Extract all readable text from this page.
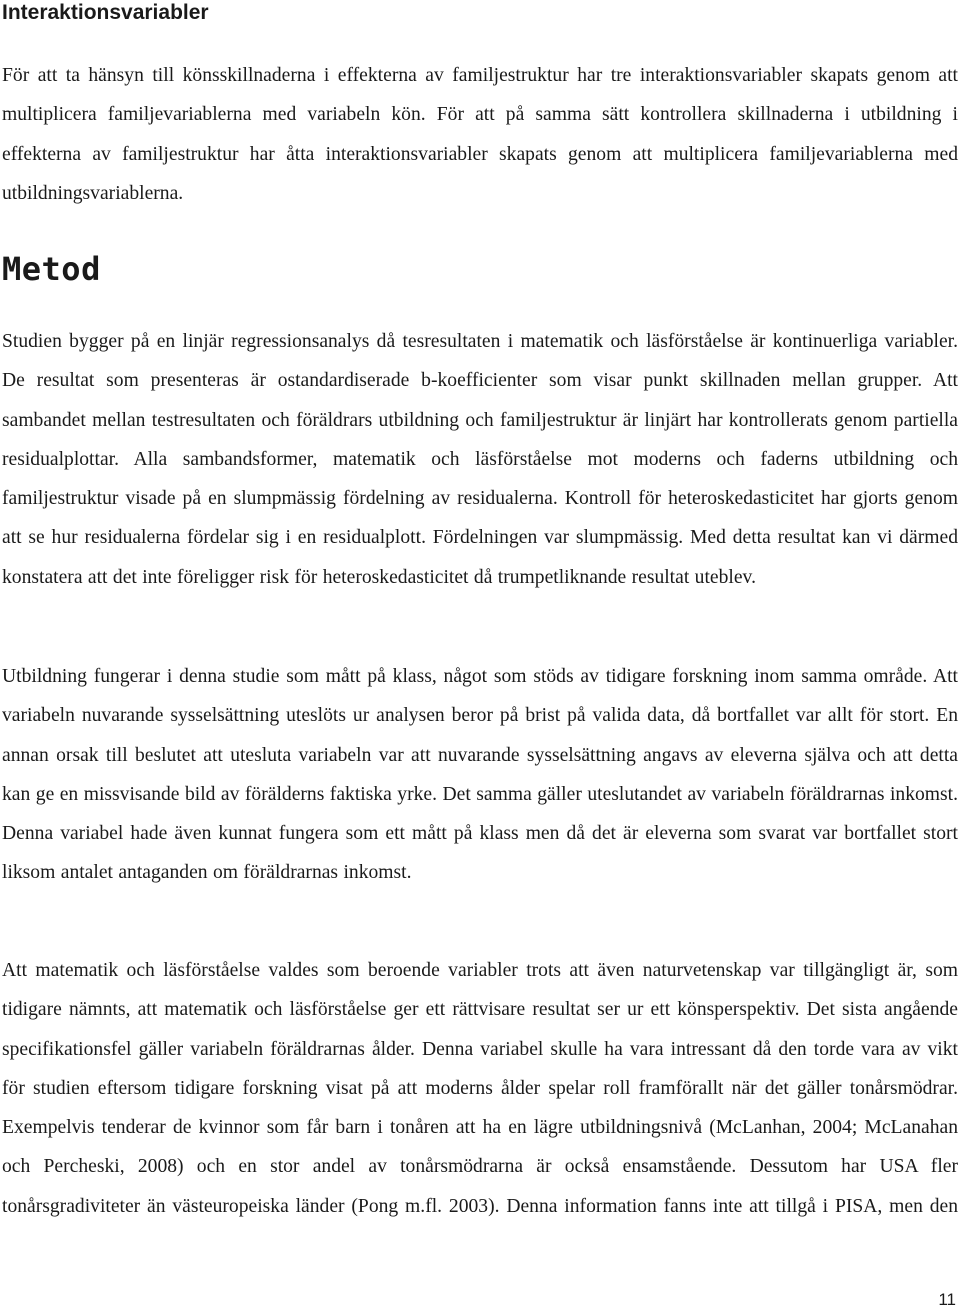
Interaktionsvariabler

För att ta hänsyn till könsskillnaderna i effekterna av familjestruktur har tre interaktionsvariabler skapats genom att multiplicera familjevariablerna med variabeln kön. För att på samma sätt kontrollera skillnaderna i utbildning i effekterna av familjestruktur har åtta interaktionsvariabler skapats genom att multiplicera familjevariablerna med utbildningsvariablerna.

Metod

Studien bygger på en linjär regressionsanalys då tesresultaten i matematik och läsförståelse är kontinuerliga variabler. De resultat som presenteras är ostandardiserade b-koefficienter som visar punkt skillnaden mellan grupper. Att sambandet mellan testresultaten och föräldrars utbildning och familjestruktur är linjärt har kontrollerats genom partiella residualplottar. Alla sambandsformer, matematik och läsförståelse mot moderns och faderns utbildning och familjestruktur visade på en slumpmässig fördelning av residualerna. Kontroll för heteroskedasticitet har gjorts genom att se hur residualerna fördelar sig i en residualplott. Fördelningen var slumpmässig. Med detta resultat kan vi därmed konstatera att det inte föreligger risk för heteroskedasticitet då trumpetliknande resultat uteblev.

Utbildning fungerar i denna studie som mått på klass, något som stöds av tidigare forskning inom samma område. Att variabeln nuvarande sysselsättning uteslöts ur analysen beror på brist på valida data, då bortfallet var allt för stort. En annan orsak till beslutet att utesluta variabeln var att nuvarande sysselsättning angavs av eleverna själva och att detta kan ge en missvisande bild av förälderns faktiska yrke. Det samma gäller uteslutandet av variabeln föräldrarnas inkomst. Denna variabel hade även kunnat fungera som ett mått på klass men då det är eleverna som svarat var bortfallet stort liksom antalet antaganden om föräldrarnas inkomst.

Att matematik och läsförståelse valdes som beroende variabler trots att även naturvetenskap var tillgängligt är, som tidigare nämnts, att matematik och läsförståelse ger ett rättvisare resultat ser ur ett könsperspektiv. Det sista angående specifikationsfel gäller variabeln föräldrarnas ålder. Denna variabel skulle ha vara intressant då den torde vara av vikt för studien eftersom tidigare forskning visat på att moderns ålder spelar roll framförallt när det gäller tonårsmödrar. Exempelvis tenderar de kvinnor som får barn i tonåren att ha en lägre utbildningsnivå (McLanhan, 2004; McLanahan och Percheski, 2008) och en stor andel av tonårsmödrarna är också ensamstående. Dessutom har USA fler tonårsgradiviteter än västeuropeiska länder (Pong m.fl. 2003). Denna information fanns inte att tillgå i PISA, men den

11
